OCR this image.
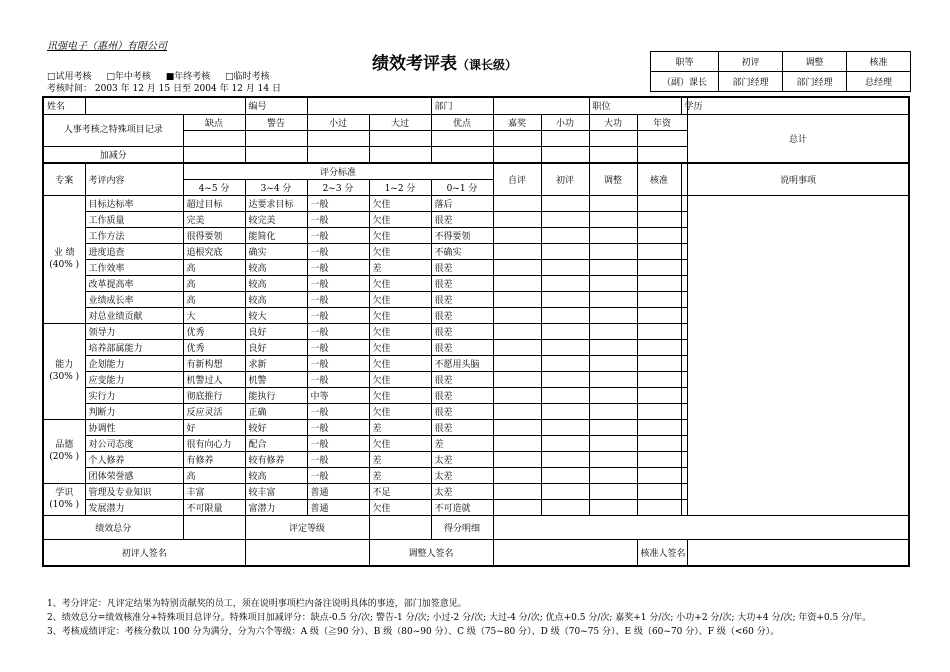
讯强电子（惠州）有限公司
绩效考评表（课长级）
□试用考核 □年中考核 ■年终考核 □临时考核
考核时间： 2003 年 12 月 15 日至 2004 年 12 月 14 日
职等	初评	调整	核准
（副）课长	部门经理	部门经理	总经理
姓名			编号			部门			职位		学历		

人事考核之特殊项目记录		缺点	警告	小过	大过	优点	嘉奖	小功	大功	年资		总计	

加减分													
专案	考评内容	评分标准					自评	初评	调整	核准		说明事项	
		4~5 分	3~4 分	2~3 分	1~2 分	0~1 分							

业 绩 (40% )	目标达标率	超过目标	达要求目标	一般	欠佳	落后							
	工作质量	完美	较完美	一般	欠佳	很差							
	工作方法	很得要领	能简化	一般	欠佳	不得要领							
	进度追查	追根究底	确实	一般	欠佳	不确实							
	工作效率	高	较高	一般	差	很差							
	改革提高率	高	较高	一般	欠佳	很差							
	业绩成长率	高	较高	一般	欠佳	很差							
	对总业绩贡献	大	较大	一般	欠佳	很差							

能力 (30% )	领导力	优秀	良好	一般	欠佳	很差							
	培养部属能力	优秀	良好	一般	欠佳	很差							
	企划能力	有新构想	求新	一般	欠佳	不愿用头脑							
	应变能力	机警过人	机警	一般	欠佳	很差							
	实行力	彻底推行	能执行	中等	欠佳	很差							
	判断力	反应灵活	正确	一般	欠佳	很差							

品德 (20% )	协调性	好	较好	一般	差	很差							
	对公司态度	很有向心力	配合	一般	欠佳	差							
	个人修养	有修养	较有修养	一般	差	太差							
	团体荣誉感	高	较高	一般	差	太差							

学识 (10% )	管理及专业知识	丰富	较丰富	普通	不足	太差							
	发展潜力	不可限量	富潜力	普通	欠佳	不可造就							
绩效总分			评定等级			得分明细							
初评人签名					调整人签名					核准人签名			
1、考分评定：凡评定结果为特别贡献奖的员工，须在说明事项栏内备注说明具体的事迹，部门加签意见。
2、绩效总分=绩效核准分+特殊项目总评分。特殊项目加减评分：缺点-0.5 分/次; 警告-1 分/次; 小过-2 分/次; 大过-4 分/次; 优点+0.5 分/次; 嘉奖+1 分/次; 小功+2 分/次; 大功+4 分/次; 年资+0.5 分/年。
3、考核成绩评定：考核分数以 100 分为满分，分为六个等级：A 级（≧90 分）、B 级（80~90 分）、C 级（75~80 分）、D 级（70~75 分）、E 级（60~70 分）、F 级（<60 分）。
